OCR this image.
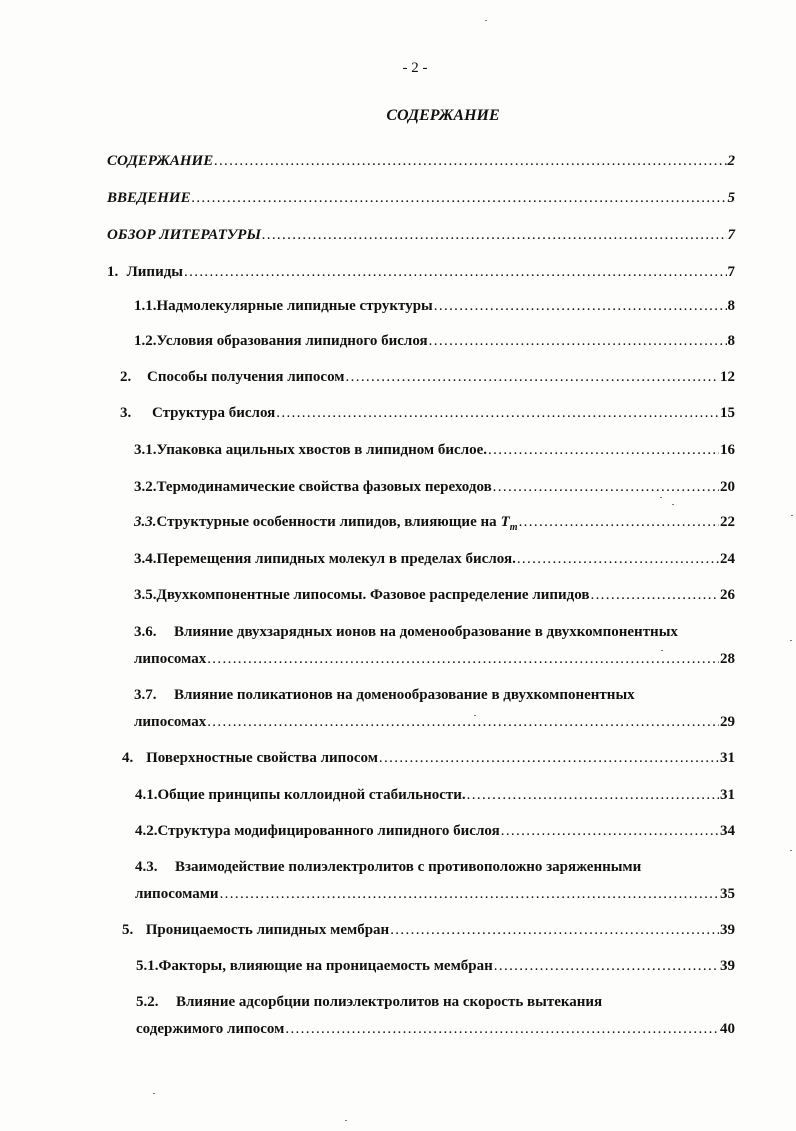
- 2 -
СОДЕРЖАНИЕ
СОДЕРЖАНИЕ . . .	2
ВВЕДЕНИЕ . . .	5
ОБЗОР ЛИТЕРАТУРЫ . . .	7
1. Липиды . . .	7
1.1. Надмолекулярные липидные структуры . . .	8
1.2. Условия образования липидного бислоя . . .	8
2.	Способы получения липосом . . .	12
3.	Структура бислоя . . .	15
3.1. Упаковка ацильных хвостов в липидном бислое. . . .	16
3.2. Термодинамические свойства фазовых переходов . . .	20
3.3. Структурные особенности липидов, влияющие на $T_m$ . . .	22
3.4. Перемещения липидных молекул в пределах бислоя. . . .	24
3.5. Двухкомпонентные липосомы. Фазовое распределение липидов . . .	26
3.6. Влияние двухзарядных ионов на доменообразование в двухкомпонентных
липосомах . . .	28
3.7. Влияние поликатионов на доменообразование в двухкомпонентных
липосомах . . .	29
4. Поверхностные свойства липосом . . .	31
4.1. Общие принципы коллоидной стабильности. . . .	31
4.2. Структура модифицированного липидного бислоя . . .	34
4.3. Взаимодействие полиэлектролитов с противоположно заряженными
липосомами . . .	35
5. Проницаемость липидных мембран . . .	39
5.1. Факторы, влияющие на проницаемость мембран . . .	39
5.2. Влияние адсорбции полиэлектролитов на скорость вытекания
содержимого липосом . . .	40
